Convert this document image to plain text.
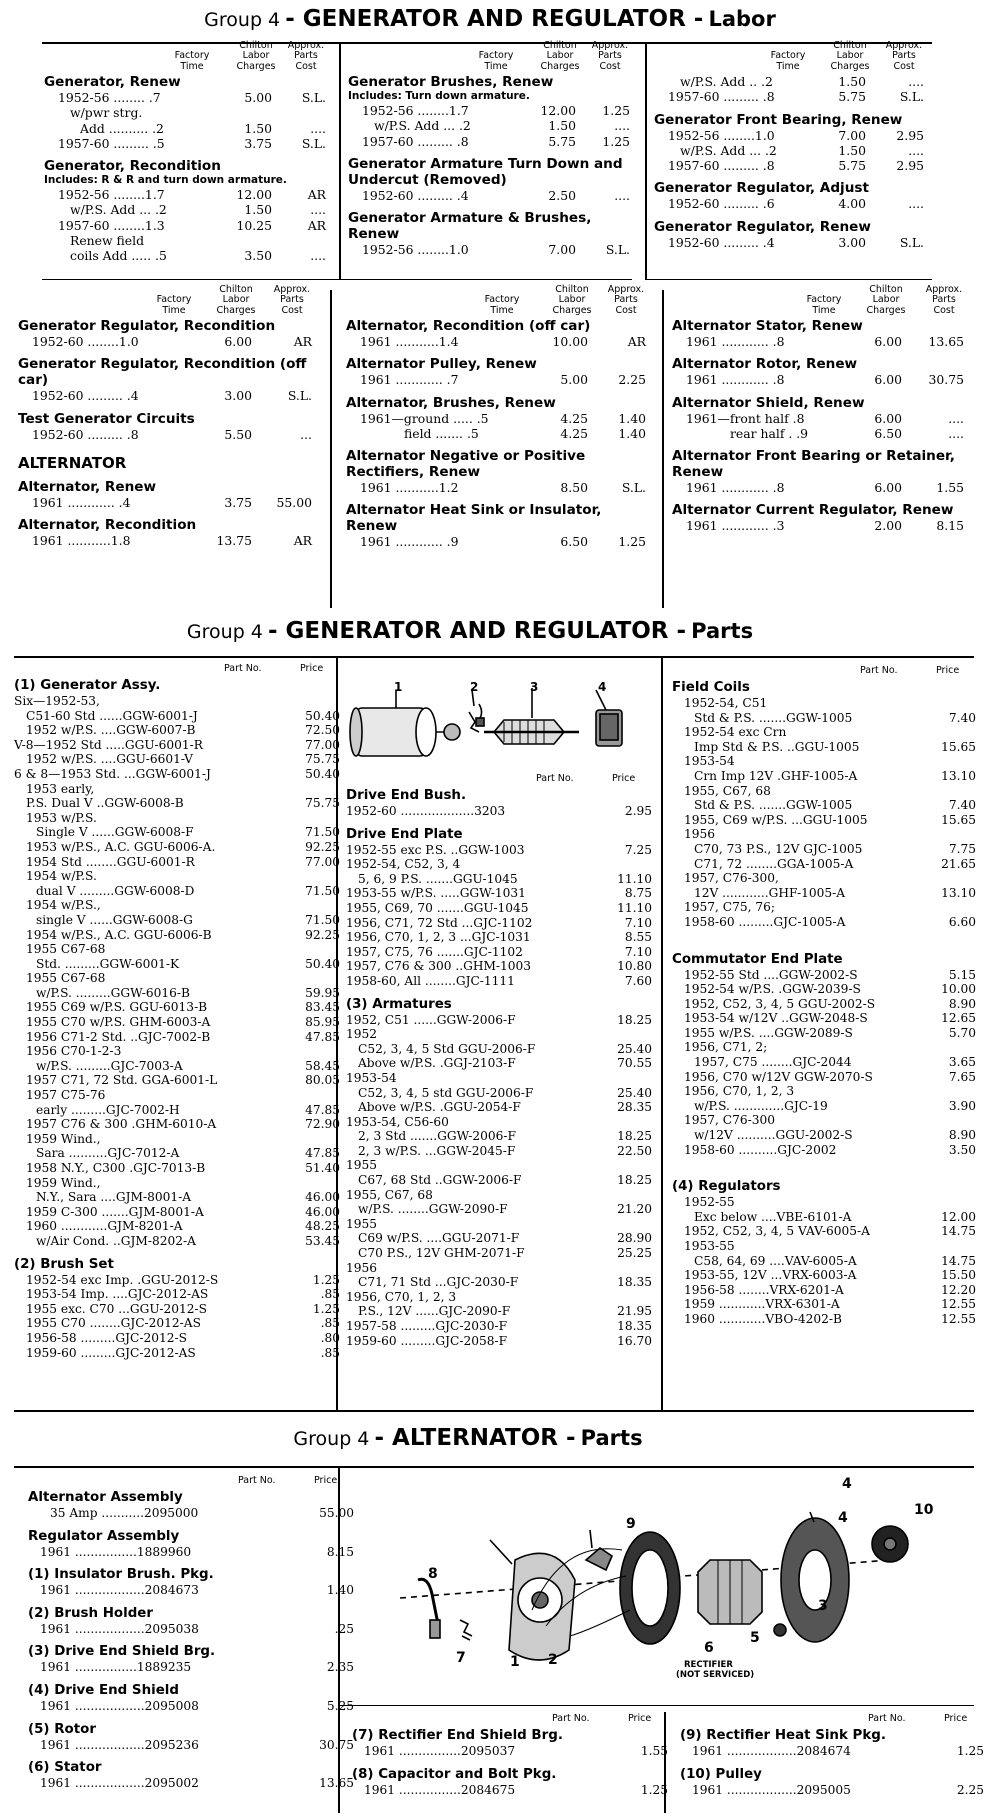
Group 4 - GENERATOR AND REGULATOR - Labor
Factory
Time
Chilton
Labor
Charges
Approx.
Parts
Cost
Generator, Renew
1952-56 ........ .7	5.00	S.L.
w/pwr strg.
Add .......... .2	1.50	....
1957-60 ......... .5	3.75	S.L.
Generator, Recondition
Includes: R & R and turn down armature.
1952-56 ........1.7	12.00	AR
w/P.S. Add ... .2	1.50	....
1957-60 ........1.3	10.25	AR
Renew field
coils Add ..... .5	3.50	....
Factory
Time
Chilton
Labor
Charges
Approx.
Parts
Cost
Generator Brushes, Renew
Includes: Turn down armature.
1952-56 ........1.7	12.00	1.25
w/P.S. Add ... .2	1.50	....
1957-60 ......... .8	5.75	1.25
Generator Armature Turn Down and Undercut (Removed)
1952-60 ......... .4	2.50	....
Generator Armature & Brushes, Renew
1952-56 ........1.0	7.00	S.L.
Factory
Time
Chilton
Labor
Charges
Approx.
Parts
Cost
w/P.S. Add .. .2	1.50	....
1957-60 ......... .8	5.75	S.L.
Generator Front Bearing, Renew
1952-56 ........1.0	7.00	2.95
w/P.S. Add ... .2	1.50	....
1957-60 ......... .8	5.75	2.95
Generator Regulator, Adjust
1952-60 ......... .6	4.00	....
Generator Regulator, Renew
1952-60 ......... .4	3.00	S.L.
Factory
Time
Chilton
Labor
Charges
Approx.
Parts
Cost
Generator Regulator, Recondition
1952-60 ........1.0	6.00	AR
Generator Regulator, Recondition (off car)
1952-60 ......... .4	3.00	S.L.
Test Generator Circuits
1952-60 ......... .8	5.50	...
ALTERNATOR
Alternator, Renew
1961 ............ .4	3.75	55.00
Alternator, Recondition
1961 ...........1.8	13.75	AR
Factory
Time
Chilton
Labor
Charges
Approx.
Parts
Cost
Alternator, Recondition (off car)
1961 ...........1.4	10.00	AR
Alternator Pulley, Renew
1961 ............ .7	5.00	2.25
Alternator, Brushes, Renew
1961—ground ..... .5	4.25	1.40
field ....... .5	4.25	1.40
Alternator Negative or Positive Rectifiers, Renew
1961 ...........1.2	8.50	S.L.
Alternator Heat Sink or Insulator, Renew
1961 ............ .9	6.50	1.25
Factory
Time
Chilton
Labor
Charges
Approx.
Parts
Cost
Alternator Stator, Renew
1961 ............ .8	6.00	13.65
Alternator Rotor, Renew
1961 ............ .8	6.00	30.75
Alternator Shield, Renew
1961—front half .8	6.00	....
rear half . .9	6.50	....
Alternator Front Bearing or Retainer, Renew
1961 ............ .8	6.00	1.55
Alternator Current Regulator, Renew
1961 ............ .3	2.00	8.15
Group 4 - GENERATOR AND REGULATOR - Parts
Part No.	Price
(1) Generator Assy.
Six—1952-53,
C51-60 Std ......GGW-6001-J	50.40
1952 w/P.S. ....GGW-6007-B	72.50
V-8—1952 Std .....GGU-6001-R	77.00
1952 w/P.S. ....GGU-6601-V	75.75
6 & 8—1953 Std. ...GGW-6001-J	50.40
1953 early,
P.S. Dual V ..GGW-6008-B	75.75
1953 w/P.S.
Single V ......GGW-6008-F	71.50
1953 w/P.S., A.C. GGU-6006-A.	92.25
1954 Std ........GGU-6001-R	77.00
1954 w/P.S.
dual V .........GGW-6008-D	71.50
1954 w/P.S.,
single V ......GGW-6008-G	71.50
1954 w/P.S., A.C. GGU-6006-B	92.25
1955 C67-68
Std. .........GGW-6001-K	50.40
1955 C67-68
w/P.S. .........GGW-6016-B	59.95
1955 C69 w/P.S. GGU-6013-B	83.45
1955 C70 w/P.S. GHM-6003-A	85.95
1956 C71-2 Std. ..GJC-7002-B	47.85
1956 C70-1-2-3
w/P.S. .........GJC-7003-A	58.45
1957 C71, 72 Std. GGA-6001-L	80.05
1957 C75-76
early .........GJC-7002-H	47.85
1957 C76 & 300 .GHM-6010-A	72.90
1959 Wind.,
Sara ..........GJC-7012-A	47.85
1958 N.Y., C300 .GJC-7013-B	51.40
1959 Wind.,
N.Y., Sara ....GJM-8001-A	46.00
1959 C-300 .......GJM-8001-A	46.00
1960 ............GJM-8201-A	48.25
w/Air Cond. ..GJM-8202-A	53.45
(2) Brush Set
1952-54 exc Imp. .GGU-2012-S	1.25
1953-54 Imp. ....GJC-2012-AS	.85
1955 exc. C70 ...GGU-2012-S	1.25
1955 C70 ........GJC-2012-AS	.85
1956-58 .........GJC-2012-S	.80
1959-60 .........GJC-2012-AS	.85
Part No.	Price
Drive End Bush.
1952-60 ...................3203	2.95
Drive End Plate
1952-55 exc P.S. ..GGW-1003	7.25
1952-54, C52, 3, 4
5, 6, 9 P.S. .......GGU-1045	11.10
1953-55 w/P.S. .....GGW-1031	8.75
1955, C69, 70 .......GGU-1045	11.10
1956, C71, 72 Std ...GJC-1102	7.10
1956, C70, 1, 2, 3 ...GJC-1031	8.55
1957, C75, 76 .......GJC-1102	7.10
1957, C76 & 300 ..GHM-1003	10.80
1958-60, All ........GJC-1111	7.60
(3) Armatures
1952, C51 ......GGW-2006-F	18.25
1952
C52, 3, 4, 5 Std GGU-2006-F	25.40
Above w/P.S. .GGJ-2103-F	70.55
1953-54
C52, 3, 4, 5 std GGU-2006-F	25.40
Above w/P.S. .GGU-2054-F	28.35
1953-54, C56-60
2, 3 Std .......GGW-2006-F	18.25
2, 3 w/P.S. ...GGW-2045-F	22.50
1955
C67, 68 Std ..GGW-2006-F	18.25
1955, C67, 68
w/P.S. ........GGW-2090-F	21.20
1955
C69 w/P.S. ....GGU-2071-F	28.90
C70 P.S., 12V GHM-2071-F	25.25
1956
C71, 71 Std ...GJC-2030-F	18.35
1956, C70, 1, 2, 3
P.S., 12V ......GJC-2090-F	21.95
1957-58 .........GJC-2030-F	18.35
1959-60 .........GJC-2058-F	16.70
Part No.	Price
Field Coils
1952-54, C51
Std & P.S. .......GGW-1005	7.40
1952-54 exc Crn
Imp Std & P.S. ..GGU-1005	15.65
1953-54
Crn Imp 12V .GHF-1005-A	13.10
1955, C67, 68
Std & P.S. .......GGW-1005	7.40
1955, C69 w/P.S. ...GGU-1005	15.65
1956
C70, 73 P.S., 12V GJC-1005	7.75
C71, 72 ........GGA-1005-A	21.65
1957, C76-300,
12V ............GHF-1005-A	13.10
1957, C75, 76;
1958-60 .........GJC-1005-A	6.60
Commutator End Plate
1952-55 Std ....GGW-2002-S	5.15
1952-54 w/P.S. .GGW-2039-S	10.00
1952, C52, 3, 4, 5 GGU-2002-S	8.90
1953-54 w/12V ..GGW-2048-S	12.65
1955 w/P.S. ....GGW-2089-S	5.70
1956, C71, 2;
1957, C75 ........GJC-2044	3.65
1956, C70 w/12V GGW-2070-S	7.65
1956, C70, 1, 2, 3
w/P.S. .............GJC-19	3.90
1957, C76-300
w/12V ..........GGU-2002-S	8.90
1958-60 ..........GJC-2002	3.50
(4) Regulators
1952-55
Exc below ....VBE-6101-A	12.00
1952, C52, 3, 4, 5 VAV-6005-A	14.75
1953-55
C58, 64, 69 ....VAV-6005-A	14.75
1953-55, 12V ...VRX-6003-A	15.50
1956-58 ........VRX-6201-A	12.20
1959 ............VRX-6301-A	12.55
1960 ............VBO-4202-B	12.55
1	2	3	4
Group 4 - ALTERNATOR - Parts
Part No.	Price
Alternator Assembly
35 Amp ...........2095000	55.00
Regulator Assembly
1961 ................1889960	8.15
(1) Insulator Brush. Pkg.
1961 ..................2084673	1.40
(2) Brush Holder
1961 ..................2095038	.25
(3) Drive End Shield Brg.
1961 ................1889235	2.35
(4) Drive End Shield
1961 ..................2095008	5.25
(5) Rotor
1961 ..................2095236	30.75
(6) Stator
1961 ..................2095002	13.65
Part No.	Price
(7) Rectifier End Shield Brg.
1961 ................2095037	1.55
(8) Capacitor and Bolt Pkg.
1961 ................2084675	1.25
Part No.	Price
(9) Rectifier Heat Sink Pkg.
1961 ..................2084674	1.25
(10) Pulley
1961 ..................2095005	2.25
1 2
3
4
5
6
7
8
9
10
4
RECTIFIER
(NOT SERVICED)
